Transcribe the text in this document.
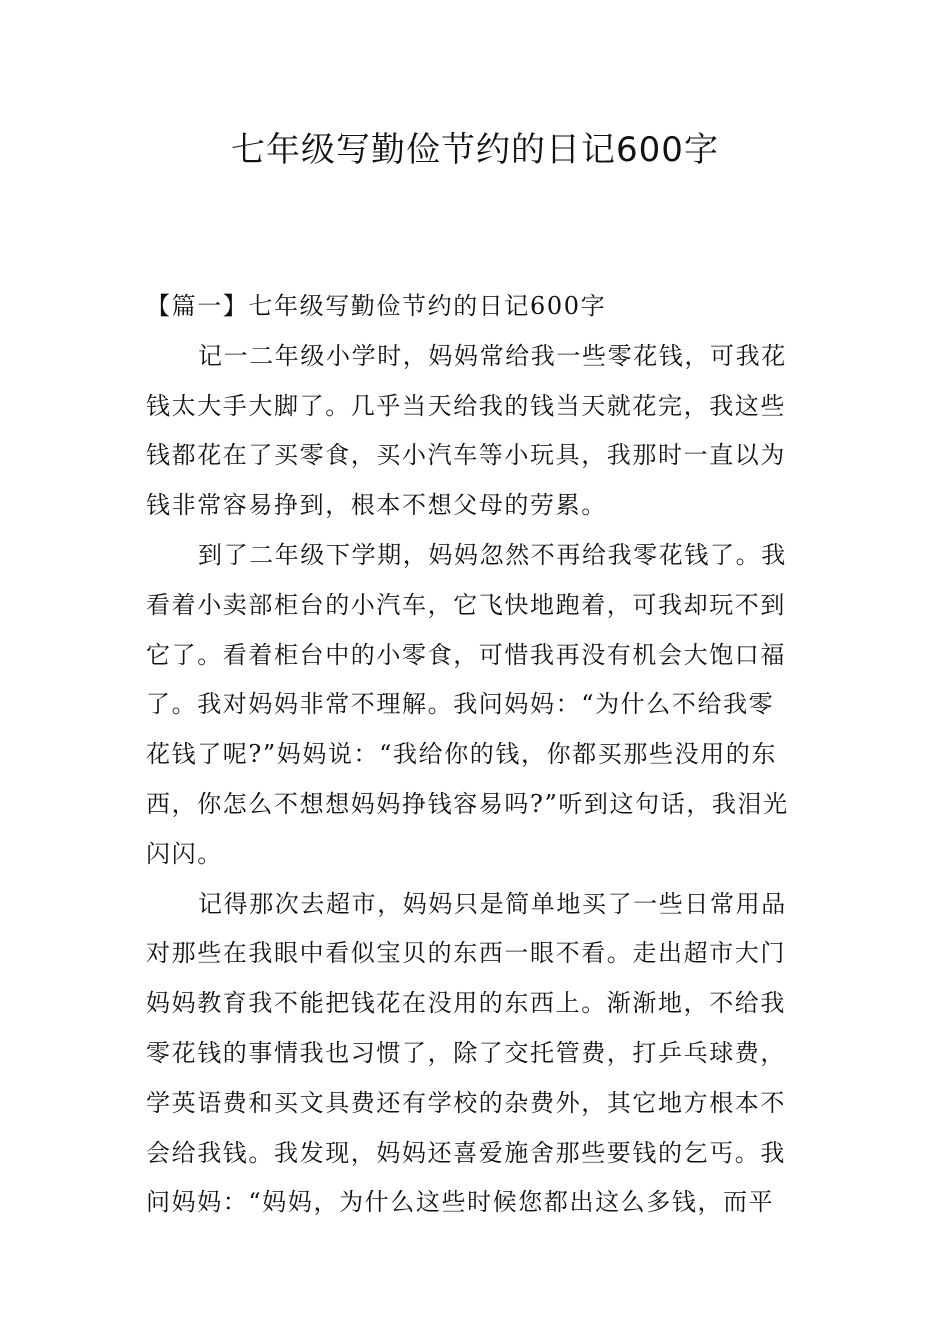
七年级写勤俭节约的日记600字
【篇一】七年级写勤俭节约的日记600字
记一二年级小学时，妈妈常给我一些零花钱，可我花
钱太大手大脚了。几乎当天给我的钱当天就花完，我这些
钱都花在了买零食，买小汽车等小玩具，我那时一直以为
钱非常容易挣到，根本不想父母的劳累。
到了二年级下学期，妈妈忽然不再给我零花钱了。我
看着小卖部柜台的小汽车，它飞快地跑着，可我却玩不到
它了。看着柜台中的小零食，可惜我再没有机会大饱口福
了。我对妈妈非常不理解。我问妈妈：“为什么不给我零
花钱了呢?”妈妈说：“我给你的钱，你都买那些没用的东
西，你怎么不想想妈妈挣钱容易吗?”听到这句话，我泪光
闪闪。
记得那次去超市，妈妈只是简单地买了一些日常用品
对那些在我眼中看似宝贝的东西一眼不看。走出超市大门
妈妈教育我不能把钱花在没用的东西上。渐渐地，不给我
零花钱的事情我也习惯了，除了交托管费，打乒乓球费，
学英语费和买文具费还有学校的杂费外，其它地方根本不
会给我钱。我发现，妈妈还喜爱施舍那些要钱的乞丐。我
问妈妈：“妈妈，为什么这些时候您都出这么多钱，而平
